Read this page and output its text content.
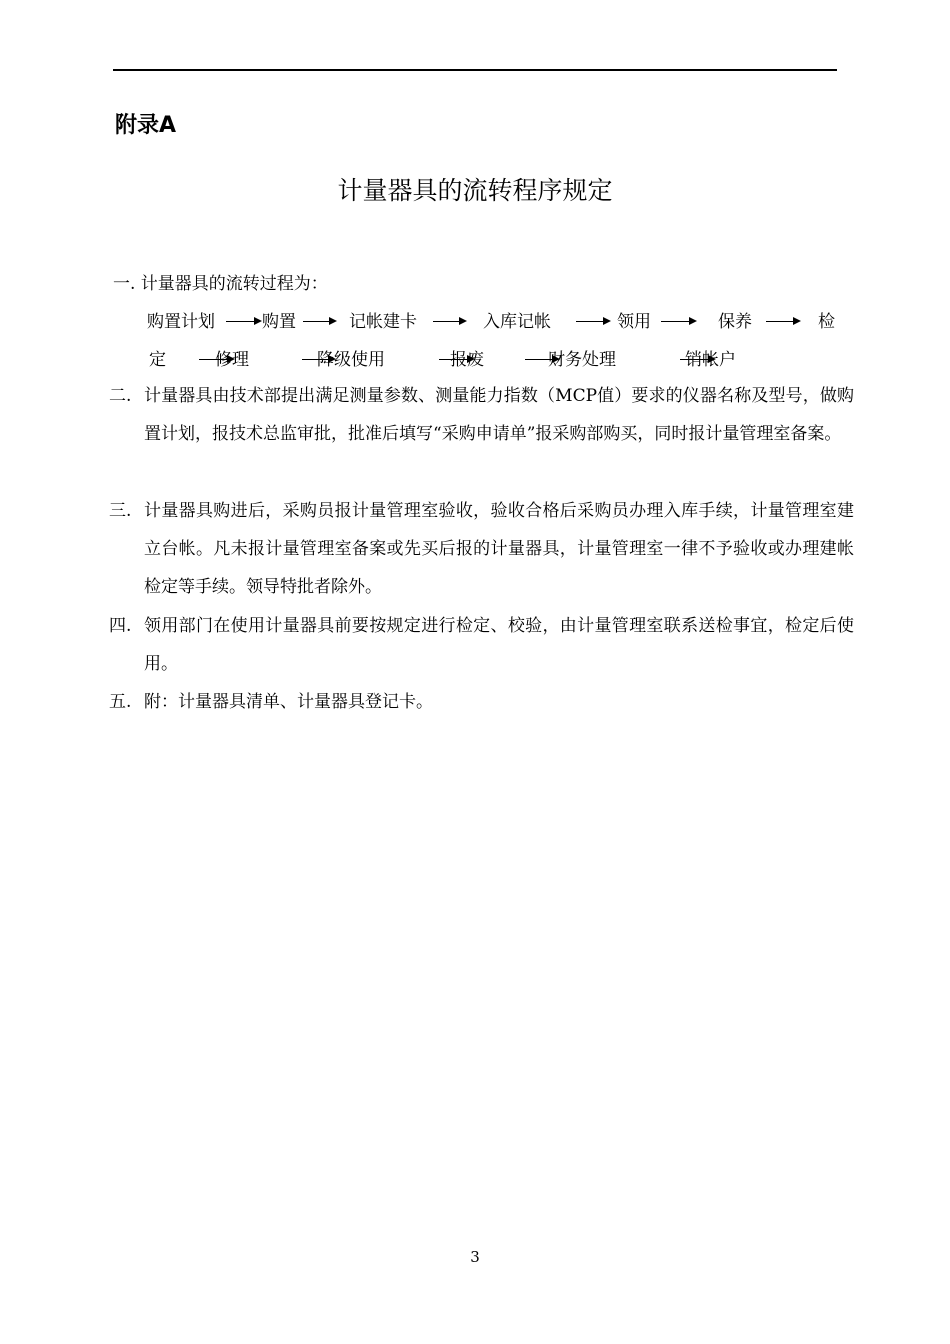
附录A
计量器具的流转程序规定
一. 计量器具的流转过程为：
购置计划	购置	记帐建卡	入库记帐	领用	保养	检
定	修理	降级使用	报废	财务处理	销帐户
二. 计量器具由技术部提出满足测量参数、测量能力指数（MCP值）要求的仪器名称及型号，做购置计划，报技术总监审批，批准后填写“采购申请单”报采购部购买，同时报计量管理室备案。
三. 计量器具购进后，采购员报计量管理室验收，验收合格后采购员办理入库手续，计量管理室建立台帐。凡未报计量管理室备案或先买后报的计量器具，计量管理室一律不予验收或办理建帐检定等手续。领导特批者除外。
四. 领用部门在使用计量器具前要按规定进行检定、校验，由计量管理室联系送检事宜，检定后使用。
五. 附：计量器具清单、计量器具登记卡。
3
